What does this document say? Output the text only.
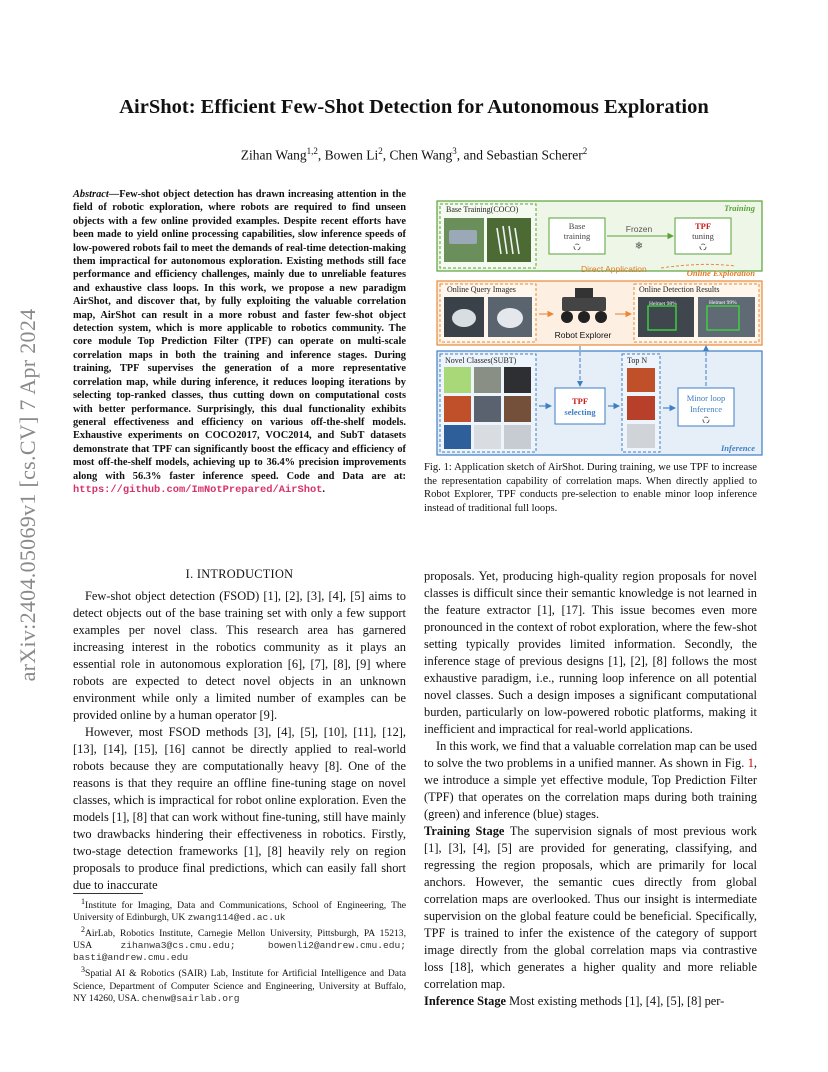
AirShot: Efficient Few-Shot Detection for Autonomous Exploration
Zihan Wang$^{1,2}$, Bowen Li$^2$, Chen Wang$^3$, and Sebastian Scherer$^2$
arXiv:2404.05069v1 [cs.CV] 7 Apr 2024
Abstract—Few-shot object detection has drawn increasing attention in the field of robotic exploration, where robots are required to find unseen objects with a few online provided examples. Despite recent efforts have been made to yield online processing capabilities, slow inference speeds of low-powered robots fail to meet the demands of real-time detection-making them impractical for autonomous exploration. Existing methods still face performance and efficiency challenges, mainly due to unreliable features and exhaustive class loops. In this work, we propose a new paradigm AirShot, and discover that, by fully exploiting the valuable correlation map, AirShot can result in a more robust and faster few-shot object detection system, which is more applicable to robotics community. The core module Top Prediction Filter (TPF) can operate on multi-scale correlation maps in both the training and inference stages. During training, TPF supervises the generation of a more representative correlation map, while during inference, it reduces looping iterations by selecting top-ranked classes, thus cutting down on computational costs with better performance. Surprisingly, this dual functionality exhibits general effectiveness and efficiency on various off-the-shelf models. Exhaustive experiments on COCO2017, VOC2014, and SubT datasets demonstrate that TPF can significantly boost the efficacy and efficiency of most off-the-shelf models, achieving up to 36.4% precision improvements along with 56.3% faster inference speed. Code and Data are at: https://github.com/ImNotPrepared/AirShot.
I. INTRODUCTION

Few-shot object detection (FSOD) [1], [2], [3], [4], [5] aims to detect objects out of the base training set with only a few support examples per novel class. This research area has garnered increasing interest in the robotics community as it plays an essential role in autonomous exploration [6], [7], [8], [9] where robots are expected to detect novel objects in an unknown environment while only a limited number of examples can be provided online by a human operator [9].

However, most FSOD methods [3], [4], [5], [10], [11], [12], [13], [14], [15], [16] cannot be directly applied to real-world robots because they are computationally heavy [8]. One of the reasons is that they require an offline fine-tuning stage on novel classes, which is impractical for robot online exploration. Even the models [1], [8] that can work without fine-tuning, still have mainly two drawbacks hindering their effectiveness in robotics. Firstly, two-stage detection frameworks [1], [8] heavily rely on region proposals to produce final predictions, which can easily fall short due to inaccurate

$^1$Institute for Imaging, Data and Communications, School of Engineering, The University of Edinburgh, UK zwang114@ed.ac.uk

$^2$AirLab, Robotics Institute, Carnegie Mellon University, Pittsburgh, PA 15213, USA zihanwa3@cs.cmu.edu; bowenli2@andrew.cmu.edu; basti@andrew.cmu.edu

$^3$Spatial AI & Robotics (SAIR) Lab, Institute for Artificial Intelligence and Data Science, Department of Computer Science and Engineering, University at Buffalo, NY 14260, USA. chenw@sairlab.org

Base Training(COCO)
Base
training
Frozen
❄
TPF
tuning
Training
Direct Application	Online Exploration
Online Query Images
Robot Explorer
Online Detection Results
Helmet 98%	Helmet 99%
Novel Classes(SUBT)
TPF
selecting
Top N
Minor loop
Inference
Inference
Fig. 1: Application sketch of AirShot. During training, we use TPF to increase the representation capability of correlation maps. When directly applied to Robot Explorer, TPF conducts pre-selection to enable minor loop inference instead of traditional full loops.

proposals. Yet, producing high-quality region proposals for novel classes is difficult since their semantic knowledge is not learned in the feature extractor [1], [17]. This issue becomes even more pronounced in the context of robot exploration, where the few-shot setting typically provides limited information. Secondly, the inference stage of previous designs [1], [2], [8] follows the most exhaustive paradigm, i.e., running loop inference on all potential novel classes. Such a design imposes a significant computational burden, particularly on low-powered robotic platforms, making it inefficient and impractical for real-world applications.

In this work, we find that a valuable correlation map can be used to solve the two problems in a unified manner. As shown in Fig. 1, we introduce a simple yet effective module, Top Prediction Filter (TPF) that operates on the correlation maps during both training (green) and inference (blue) stages.

Training Stage The supervision signals of most previous work [1], [3], [4], [5] are provided for generating, classifying, and regressing the region proposals, which are primarily for local anchors. However, the semantic cues directly from global correlation maps are overlooked. Thus our insight is intermediate supervision on the global feature could be beneficial. Specifically, TPF is trained to infer the existence of the category of support image directly from the global correlation maps via contrastive loss [18], which generates a higher quality and more reliable correlation map.

Inference Stage Most existing methods [1], [4], [5], [8] per-
